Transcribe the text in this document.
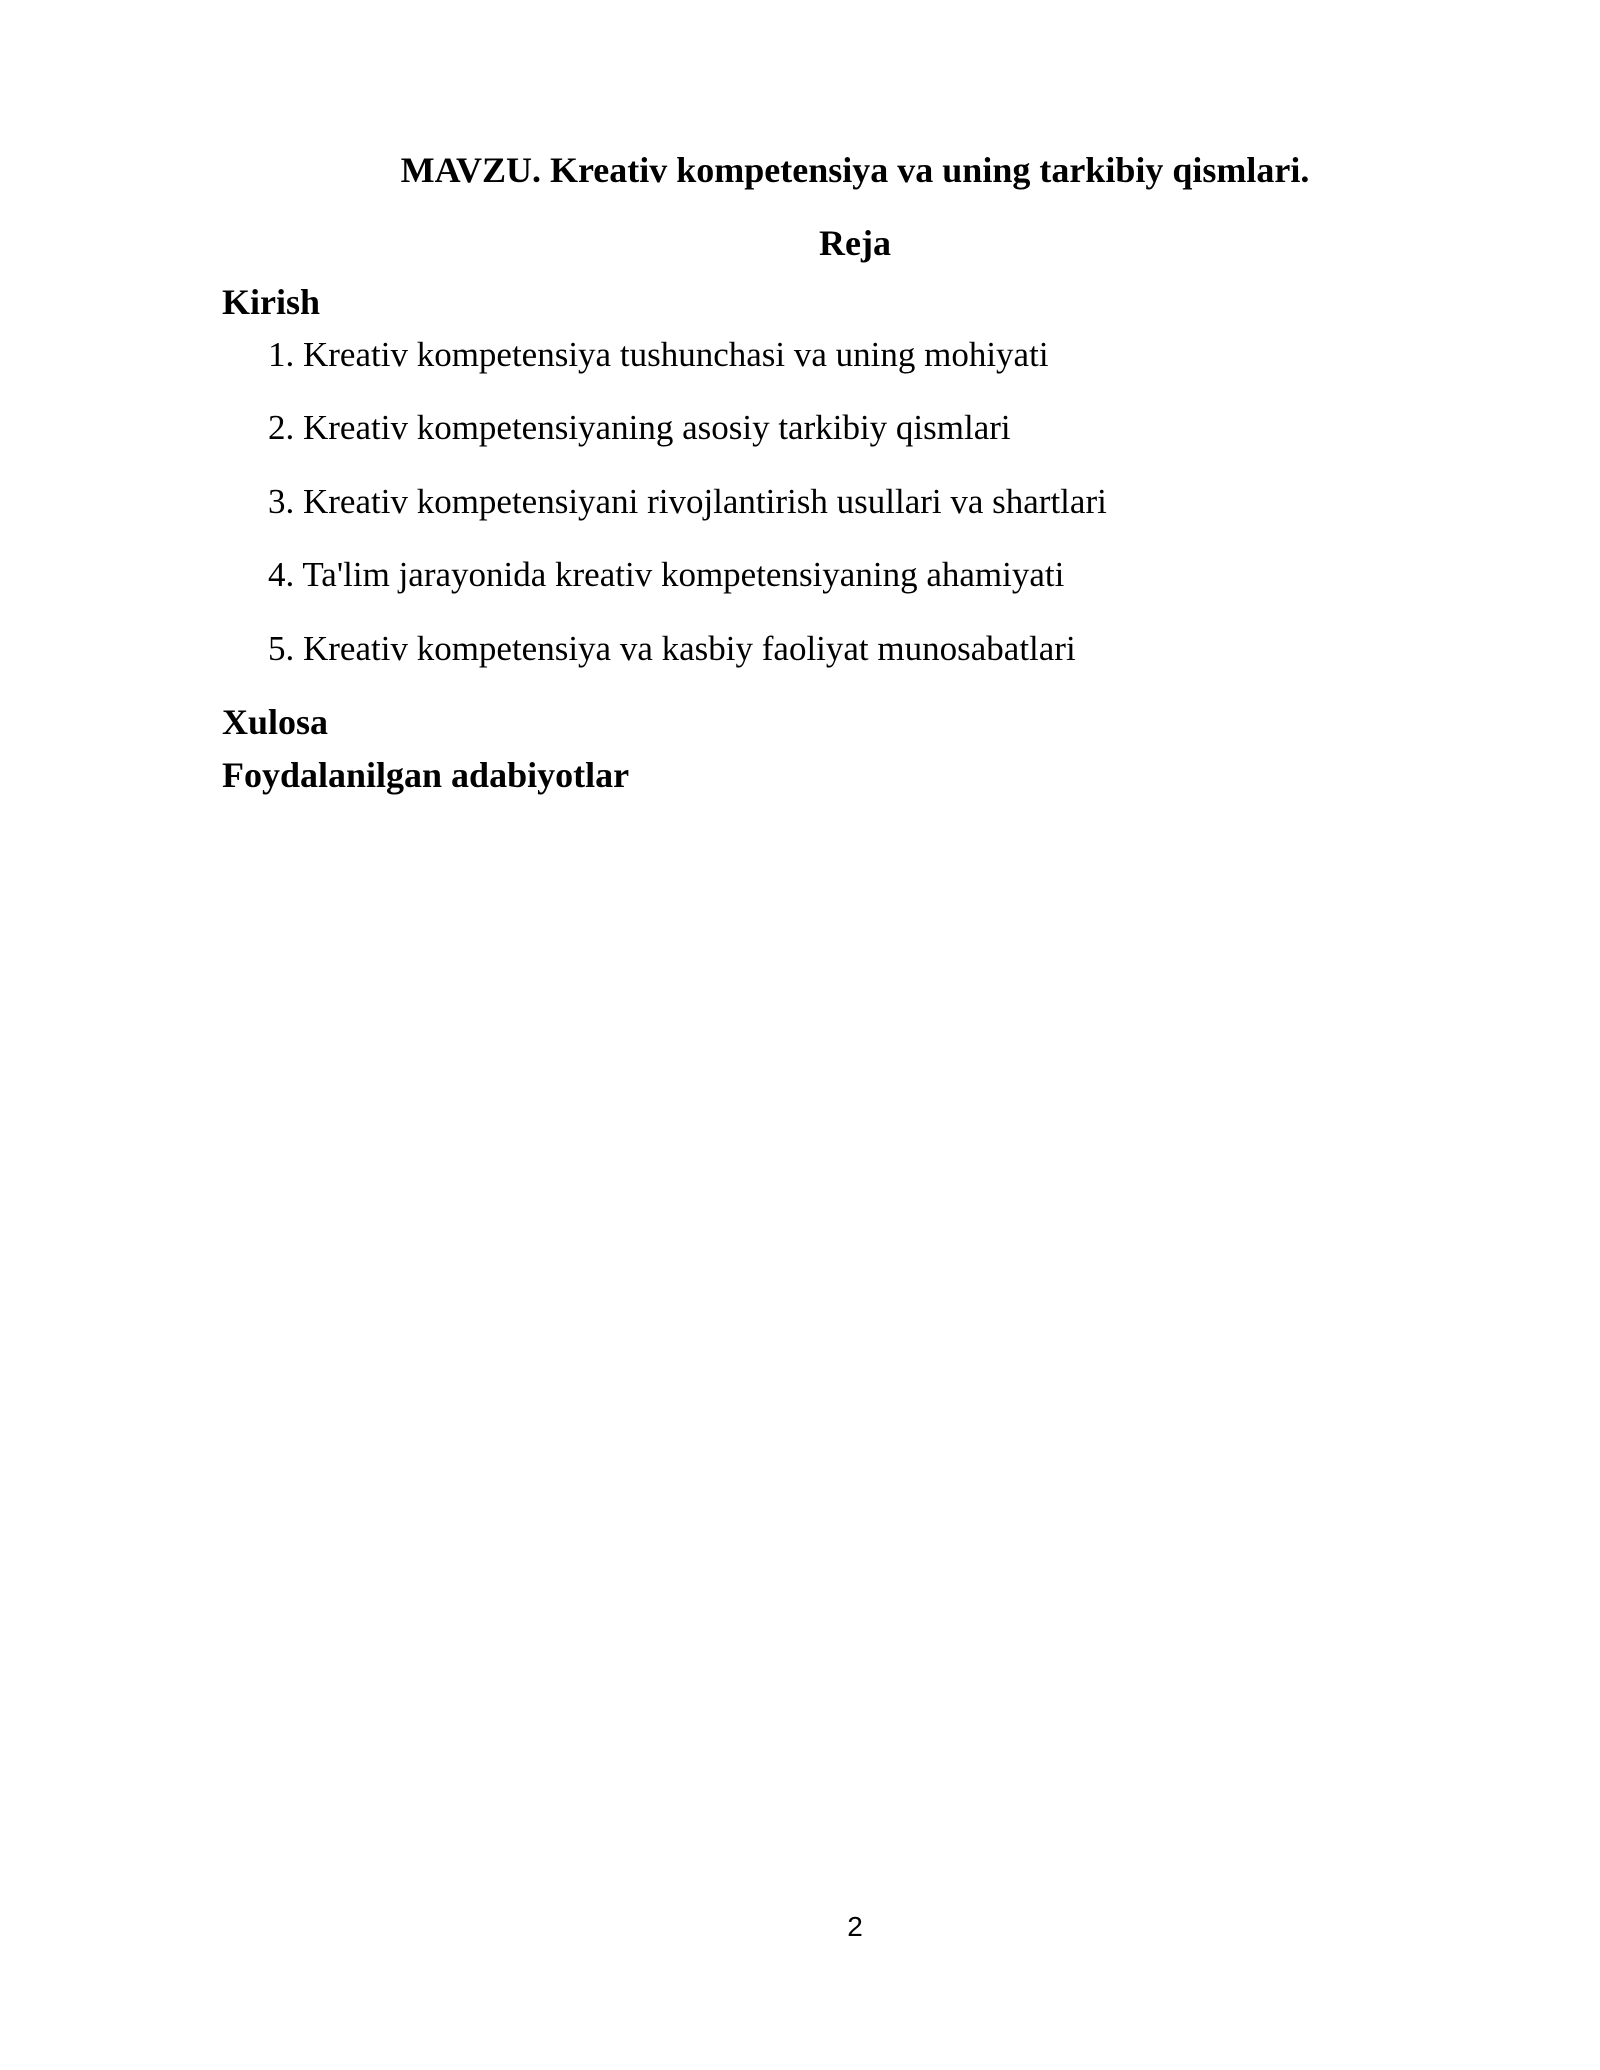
MAVZU. Kreativ kompetensiya va uning tarkibiy qismlari.
Reja
Kirish
1. Kreativ kompetensiya tushunchasi va uning mohiyati
2. Kreativ kompetensiyaning asosiy tarkibiy qismlari
3. Kreativ kompetensiyani rivojlantirish usullari va shartlari
4. Ta'lim jarayonida kreativ kompetensiyaning ahamiyati
5. Kreativ kompetensiya va kasbiy faoliyat munosabatlari
Xulosa
Foydalanilgan adabiyotlar
2
